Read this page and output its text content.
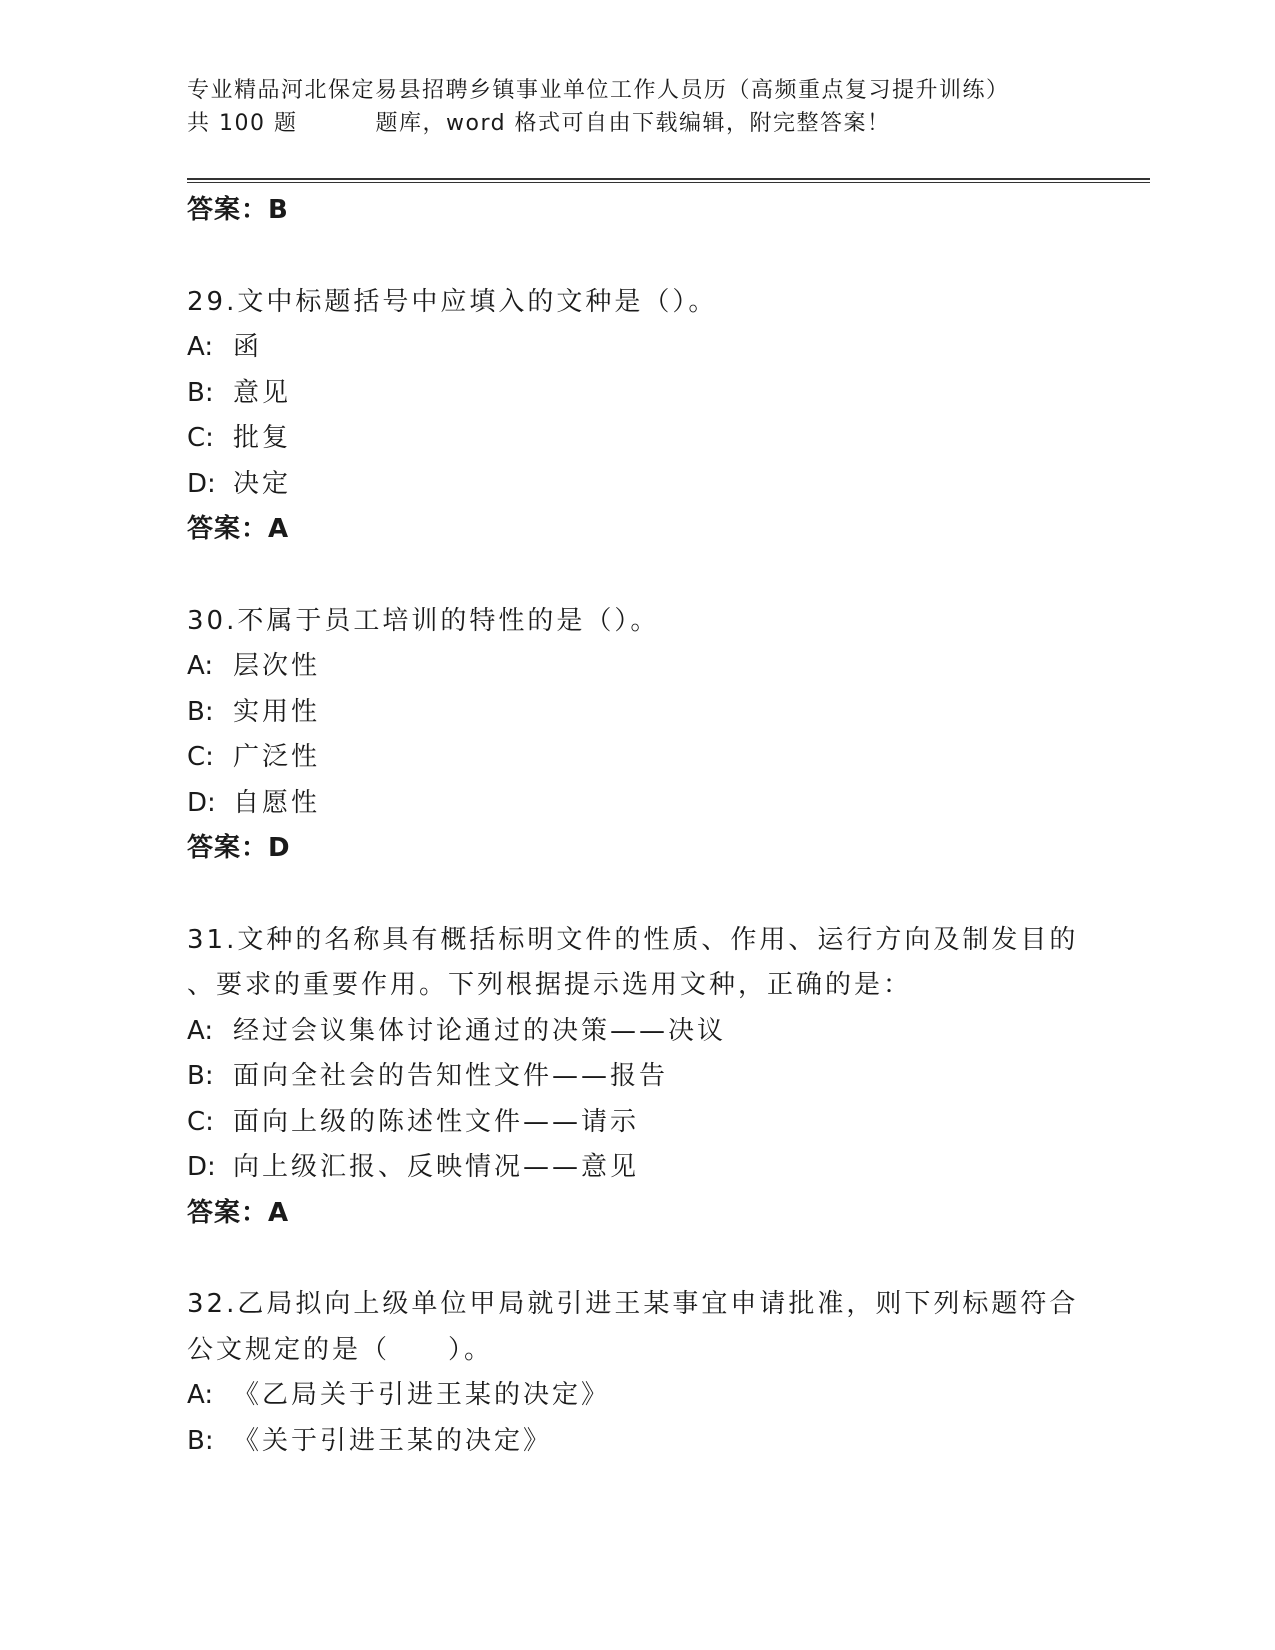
专业精品河北保定易县招聘乡镇事业单位工作人员历（高频重点复习提升训练）
共 100 题	题库，word 格式可自由下载编辑，附完整答案！
答案：B
29.文中标题括号中应填入的文种是（）。
A: 函
B: 意见
C: 批复
D: 决定
答案：A
30.不属于员工培训的特性的是（）。
A: 层次性
B: 实用性
C: 广泛性
D: 自愿性
答案：D
31.文种的名称具有概括标明文件的性质、作用、运行方向及制发目的
、要求的重要作用。下列根据提示选用文种，正确的是：
A: 经过会议集体讨论通过的决策——决议
B: 面向全社会的告知性文件——报告
C: 面向上级的陈述性文件——请示
D: 向上级汇报、反映情况——意见
答案：A
32.乙局拟向上级单位甲局就引进王某事宜申请批准，则下列标题符合
公文规定的是（　　）。
A: 《乙局关于引进王某的决定》
B: 《关于引进王某的决定》
